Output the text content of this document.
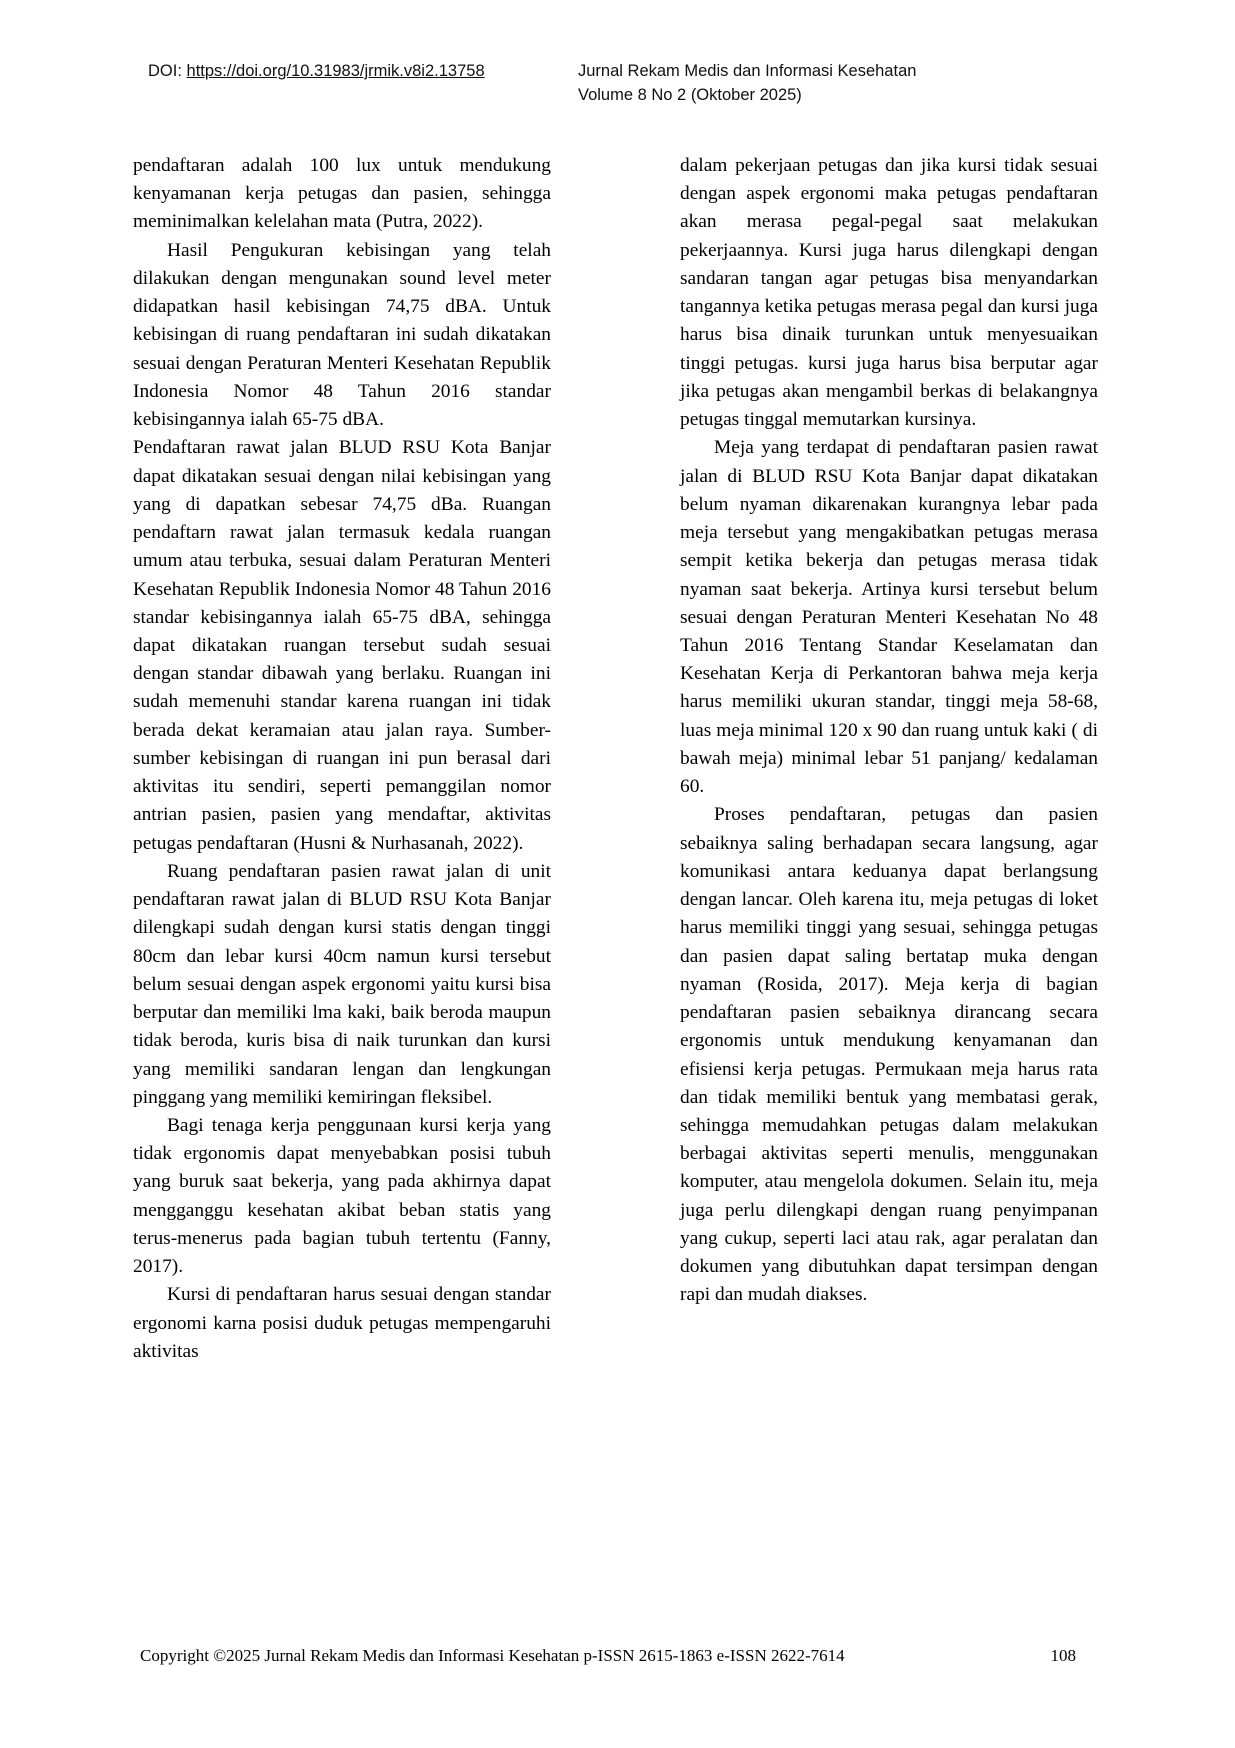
DOI: https://doi.org/10.31983/jrmik.v8i2.13758	Jurnal Rekam Medis dan Informasi Kesehatan
Volume 8 No 2 (Oktober 2025)

pendaftaran adalah 100 lux untuk mendukung kenyamanan kerja petugas dan pasien, sehingga meminimalkan kelelahan mata (Putra, 2022).

Hasil Pengukuran kebisingan yang telah dilakukan dengan mengunakan sound level meter didapatkan hasil kebisingan 74,75 dBA. Untuk kebisingan di ruang pendaftaran ini sudah dikatakan sesuai dengan Peraturan Menteri Kesehatan Republik Indonesia Nomor 48 Tahun 2016 standar kebisingannya ialah 65-75 dBA.

Pendaftaran rawat jalan BLUD RSU Kota Banjar dapat dikatakan sesuai dengan nilai kebisingan yang yang di dapatkan sebesar 74,75 dBa. Ruangan pendaftarn rawat jalan termasuk kedala ruangan umum atau terbuka, sesuai dalam Peraturan Menteri Kesehatan Republik Indonesia Nomor 48 Tahun 2016 standar kebisingannya ialah 65-75 dBA, sehingga dapat dikatakan ruangan tersebut sudah sesuai dengan standar dibawah yang berlaku. Ruangan ini sudah memenuhi standar karena ruangan ini tidak berada dekat keramaian atau jalan raya. Sumber-sumber kebisingan di ruangan ini pun berasal dari aktivitas itu sendiri, seperti pemanggilan nomor antrian pasien, pasien yang mendaftar, aktivitas petugas pendaftaran (Husni & Nurhasanah, 2022).

Ruang pendaftaran pasien rawat jalan di unit pendaftaran rawat jalan di BLUD RSU Kota Banjar dilengkapi sudah dengan kursi statis dengan tinggi 80cm dan lebar kursi 40cm namun kursi tersebut belum sesuai dengan aspek ergonomi yaitu kursi bisa berputar dan memiliki lma kaki, baik beroda maupun tidak beroda, kuris bisa di naik turunkan dan kursi yang memiliki sandaran lengan dan lengkungan pinggang yang memiliki kemiringan fleksibel.

Bagi tenaga kerja penggunaan kursi kerja yang tidak ergonomis dapat menyebabkan posisi tubuh yang buruk saat bekerja, yang pada akhirnya dapat mengganggu kesehatan akibat beban statis yang terus-menerus pada bagian tubuh tertentu (Fanny, 2017).

Kursi di pendaftaran harus sesuai dengan standar ergonomi karna posisi duduk petugas mempengaruhi aktivitas

dalam pekerjaan petugas dan jika kursi tidak sesuai dengan aspek ergonomi maka petugas pendaftaran akan merasa pegal-pegal saat melakukan pekerjaannya. Kursi juga harus dilengkapi dengan sandaran tangan agar petugas bisa menyandarkan tangannya ketika petugas merasa pegal dan kursi juga harus bisa dinaik turunkan untuk menyesuaikan tinggi petugas. kursi juga harus bisa berputar agar jika petugas akan mengambil berkas di belakangnya petugas tinggal memutarkan kursinya.

Meja yang terdapat di pendaftaran pasien rawat jalan di BLUD RSU Kota Banjar dapat dikatakan belum nyaman dikarenakan kurangnya lebar pada meja tersebut yang mengakibatkan petugas merasa sempit ketika bekerja dan petugas merasa tidak nyaman saat bekerja. Artinya kursi tersebut belum sesuai dengan Peraturan Menteri Kesehatan No 48 Tahun 2016 Tentang Standar Keselamatan dan Kesehatan Kerja di Perkantoran bahwa meja kerja harus memiliki ukuran standar, tinggi meja 58-68, luas meja minimal 120 x 90 dan ruang untuk kaki ( di bawah meja) minimal lebar 51 panjang/ kedalaman 60.

Proses pendaftaran, petugas dan pasien sebaiknya saling berhadapan secara langsung, agar komunikasi antara keduanya dapat berlangsung dengan lancar. Oleh karena itu, meja petugas di loket harus memiliki tinggi yang sesuai, sehingga petugas dan pasien dapat saling bertatap muka dengan nyaman (Rosida, 2017). Meja kerja di bagian pendaftaran pasien sebaiknya dirancang secara ergonomis untuk mendukung kenyamanan dan efisiensi kerja petugas. Permukaan meja harus rata dan tidak memiliki bentuk yang membatasi gerak, sehingga memudahkan petugas dalam melakukan berbagai aktivitas seperti menulis, menggunakan komputer, atau mengelola dokumen. Selain itu, meja juga perlu dilengkapi dengan ruang penyimpanan yang cukup, seperti laci atau rak, agar peralatan dan dokumen yang dibutuhkan dapat tersimpan dengan rapi dan mudah diakses.

Copyright ©2025 Jurnal Rekam Medis dan Informasi Kesehatan p-ISSN 2615-1863 e-ISSN 2622-7614	108
